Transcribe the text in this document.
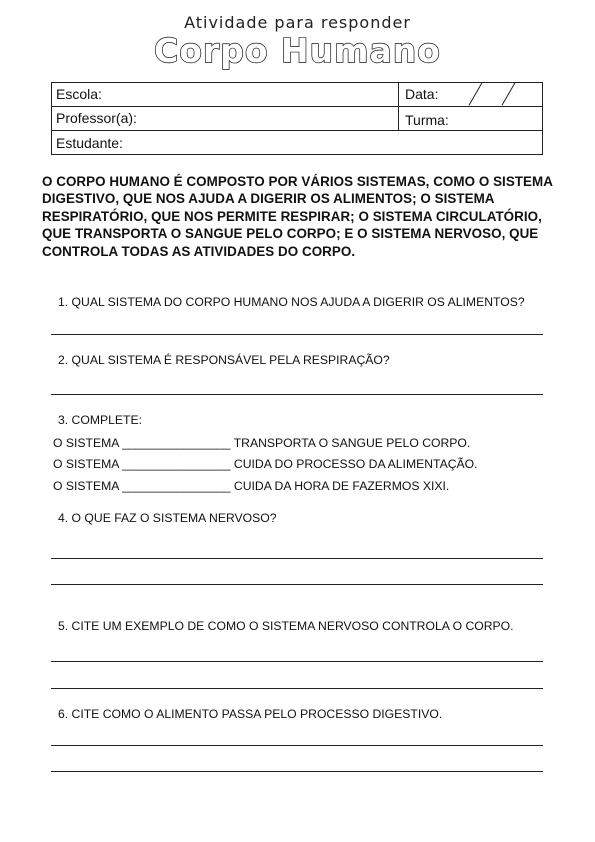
Atividade para responder
Corpo Humano
Escola:	Data:
Professor(a):	Turma:
Estudante:
O CORPO HUMANO É COMPOSTO POR VÁRIOS SISTEMAS, COMO O SISTEMA DIGESTIVO, QUE NOS AJUDA A DIGERIR OS ALIMENTOS; O SISTEMA RESPIRATÓRIO, QUE NOS PERMITE RESPIRAR; O SISTEMA CIRCULATÓRIO, QUE TRANSPORTA O SANGUE PELO CORPO; E O SISTEMA NERVOSO, QUE CONTROLA TODAS AS ATIVIDADES DO CORPO.
1. QUAL SISTEMA DO CORPO HUMANO NOS AJUDA A DIGERIR OS ALIMENTOS?
2. QUAL SISTEMA É RESPONSÁVEL PELA RESPIRAÇÃO?
3. COMPLETE:
O SISTEMA ________________ TRANSPORTA O SANGUE PELO CORPO.
O SISTEMA ________________ CUIDA DO PROCESSO DA ALIMENTAÇÃO.
O SISTEMA ________________ CUIDA DA HORA DE FAZERMOS XIXI.
4. O QUE FAZ O SISTEMA NERVOSO?
5. CITE UM EXEMPLO DE COMO O SISTEMA NERVOSO CONTROLA O CORPO.
6. CITE COMO O ALIMENTO PASSA PELO PROCESSO DIGESTIVO.
